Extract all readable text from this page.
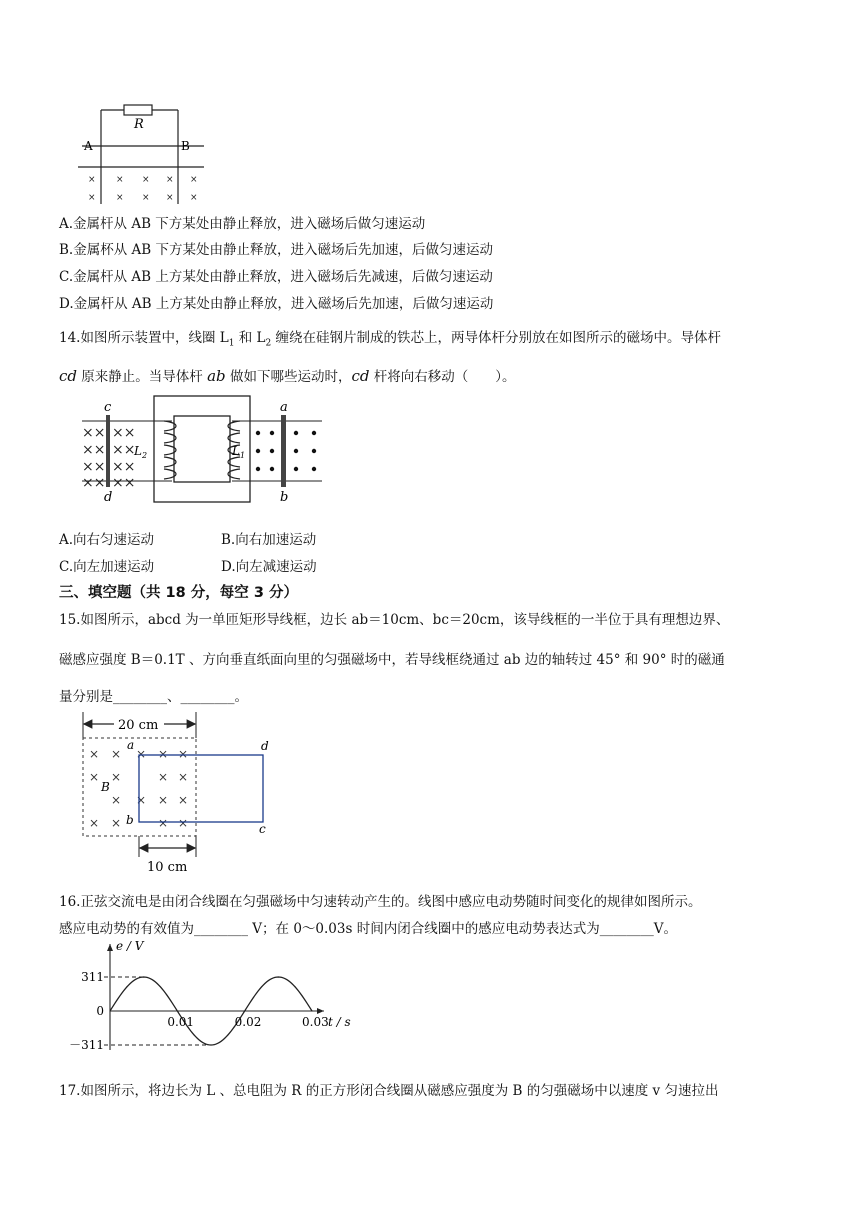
R
A	B
× × × × ×
× × × × ×
A.金属杆从 AB 下方某处由静止释放，进入磁场后做匀速运动
B.金属杯从 AB 下方某处由静止释放，进入磁场后先加速，后做匀速运动
C.金属杆从 AB 上方某处由静止释放，进入磁场后先减速，后做匀速运动
D.金属杆从 AB 上方某处由静止释放，进入磁场后先加速，后做匀速运动
14.如图所示装置中，线圈 $L_1$ 和 $L_2$ 缠绕在硅钢片制成的铁芯上，两导体杆分别放在如图所示的磁场中。导体杆
cd 原来静止。当导体杆 ab 做如下哪些运动时，cd 杆将向右移动（　　）。
×× ××
×× ××
×× ××
×× ××
c
d
$L_2$	$L_1$
a
b
A.向右匀速运动	B.向右加速运动
C.向左加速运动	D.向左减速运动
三、填空题（共 18 分，每空 3 分）
15.如图所示，abcd 为一单匝矩形导线框，边长 ab＝10cm、bc＝20cm，该导线框的一半位于具有理想边界、
磁感应强度 B＝0.1T 、方向垂直纸面向里的匀强磁场中，若导线框绕通过 ab 边的轴转过 45° 和 90° 时的磁通
量分别是________、________。
20 cm
× ×
× ×
×
× ×
× × ×
× ×
× × ×
× ×
B
a
b
d
c
10 cm
16.正弦交流电是由闭合线圈在匀强磁场中匀速转动产生的。线图中感应电动势随时间变化的规律如图所示。
感应电动势的有效值为________ V；在 0～0.03s 时间内闭合线圈中的感应电动势表达式为________V。
0.01	0.02	0.03
311
0
－311
t / s
e / V
17.如图所示，将边长为 L 、总电阻为 R 的正方形闭合线圈从磁感应强度为 B 的匀强磁场中以速度 v 匀速拉出
